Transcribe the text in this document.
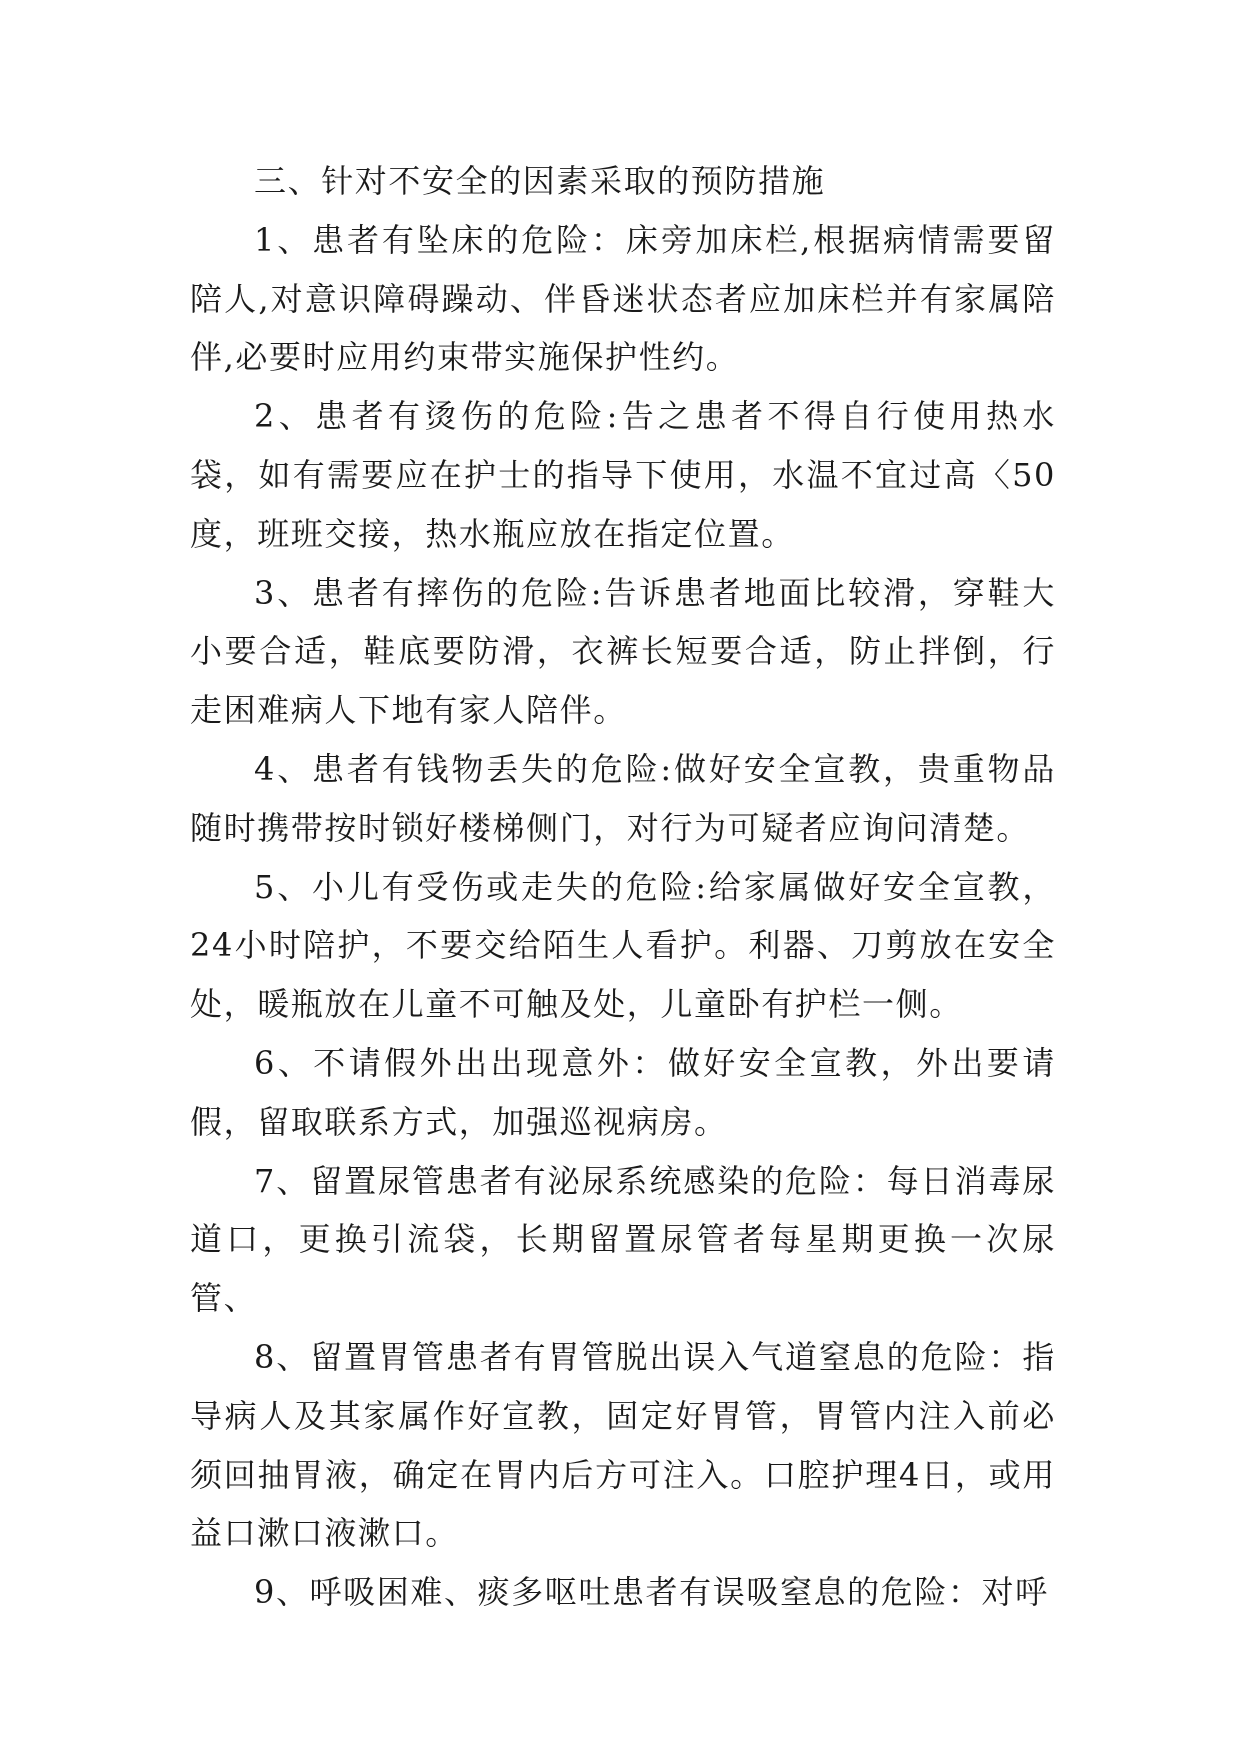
三、针对不安全的因素采取的预防措施

1、患者有坠床的危险：床旁加床栏,根据病情需要留陪人,对意识障碍躁动、伴昏迷状态者应加床栏并有家属陪伴,必要时应用约束带实施保护性约。

2、患者有烫伤的危险:告之患者不得自行使用热水袋，如有需要应在护士的指导下使用，水温不宜过高〈50度，班班交接，热水瓶应放在指定位置。

3、患者有摔伤的危险:告诉患者地面比较滑，穿鞋大小要合适，鞋底要防滑，衣裤长短要合适，防止拌倒，行走困难病人下地有家人陪伴。

4、患者有钱物丢失的危险:做好安全宣教，贵重物品随时携带按时锁好楼梯侧门，对行为可疑者应询问清楚。

5、小儿有受伤或走失的危险:给家属做好安全宣教，24小时陪护，不要交给陌生人看护。利器、刀剪放在安全处，暖瓶放在儿童不可触及处，儿童卧有护栏一侧。

6、不请假外出出现意外：做好安全宣教，外出要请假，留取联系方式，加强巡视病房。

7、留置尿管患者有泌尿系统感染的危险：每日消毒尿道口，更换引流袋，长期留置尿管者每星期更换一次尿管、

8、留置胃管患者有胃管脱出误入气道窒息的危险：指导病人及其家属作好宣教，固定好胃管，胃管内注入前必须回抽胃液，确定在胃内后方可注入。口腔护理4日，或用益口漱口液漱口。

9、呼吸困难、痰多呕吐患者有误吸窒息的危险：对呼
